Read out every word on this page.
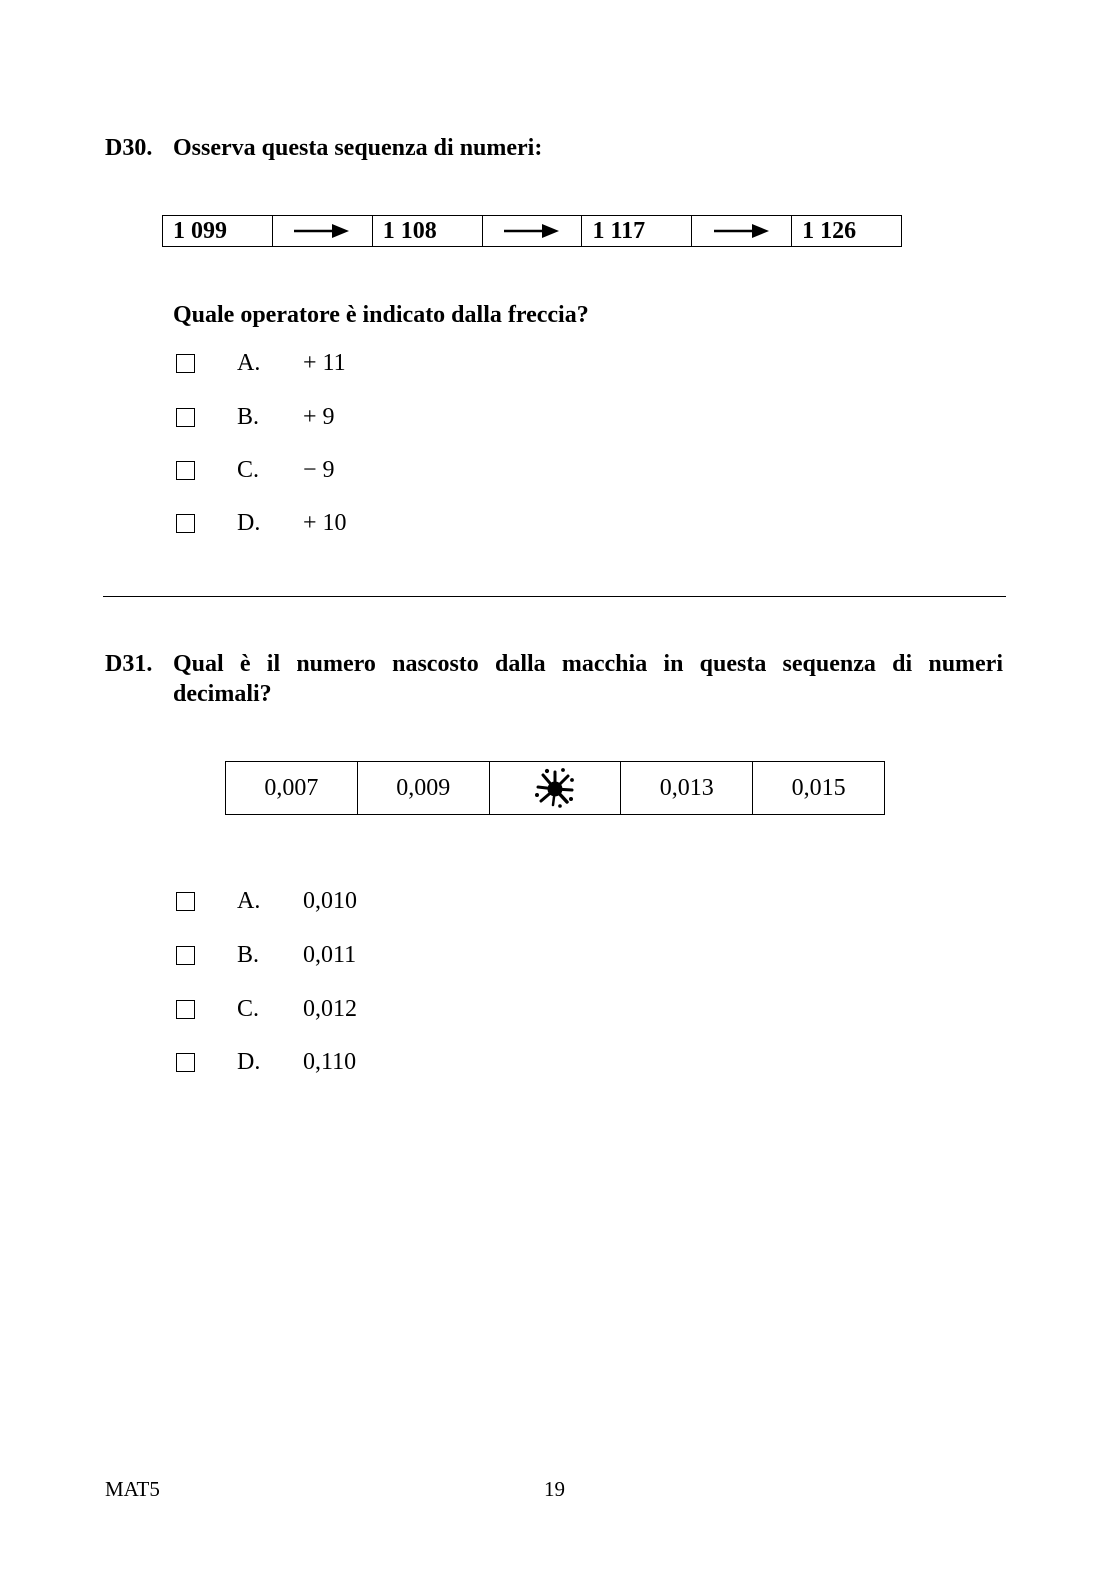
D30. Osserva questa sequenza di numeri:
1 099	1 108	1 117	1 126
Quale operatore è indicato dalla freccia?
A.	+ 11
B.	+ 9
C.	− 9
D.	+ 10
D31. Qual è il numero nascosto dalla macchia in questa sequenza di numeri
decimali?
0,007	0,009	0,013	0,015
A.	0,010
B.	0,011
C.	0,012
D.	0,110
MAT5	19
